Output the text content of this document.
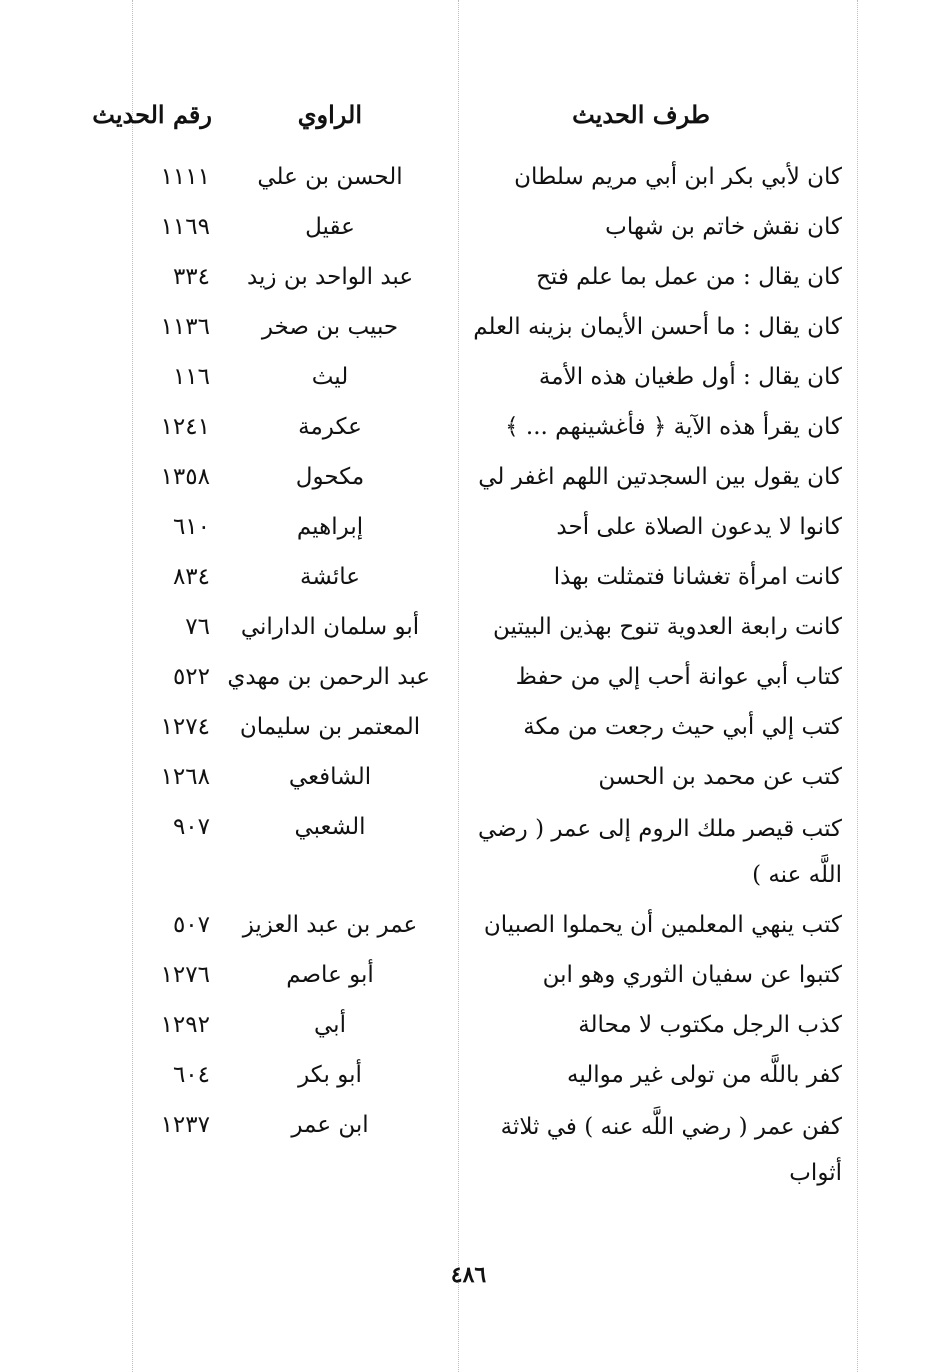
طرف الحديث
الراوي
رقم الحديث
كان لأبي بكر ابن أبي مريم سلطان
الحسن بن علي
١١١١
كان نقش خاتم بن شهاب
عقيل
١١٦٩
كان يقال : من عمل بما علم فتح
عبد الواحد بن زيد
٣٣٤
كان يقال : ما أحسن الأيمان بزينه العلم
حبيب بن صخر
١١٣٦
كان يقال : أول طغيان هذه الأمة
ليث
١١٦
كان يقرأ هذه الآية ﴿ فأغشينهم ... ﴾
عكرمة
١٢٤١
كان يقول بين السجدتين اللهم اغفر لي
مكحول
١٣٥٨
كانوا لا يدعون الصلاة على أحد
إبراهيم
٦١٠
كانت امرأة تغشانا فتمثلت بهذا
عائشة
٨٣٤
كانت رابعة العدوية تنوح بهذين البيتين
أبو سلمان الداراني
٧٦
كتاب أبي عوانة أحب إلي من حفظ
عبد الرحمن بن مهدي
٥٢٢
كتب إلي أبي حيث رجعت من مكة
المعتمر بن سليمان
١٢٧٤
كتب عن محمد بن الحسن
الشافعي
١٢٦٨
كتب قيصر ملك الروم إلى عمر ( رضي اللَّه عنه )
الشعبي
٩٠٧
كتب ينهي المعلمين أن يحملوا الصبيان
عمر بن عبد العزيز
٥٠٧
كتبوا عن سفيان الثوري وهو ابن
أبو عاصم
١٢٧٦
كذب الرجل مكتوب لا محالة
أبي
١٢٩٢
كفر باللَّه من تولى غير مواليه
أبو بكر
٦٠٤
كفن عمر ( رضي اللَّه عنه ) في ثلاثة أثواب
ابن عمر
١٢٣٧
٤٨٦
